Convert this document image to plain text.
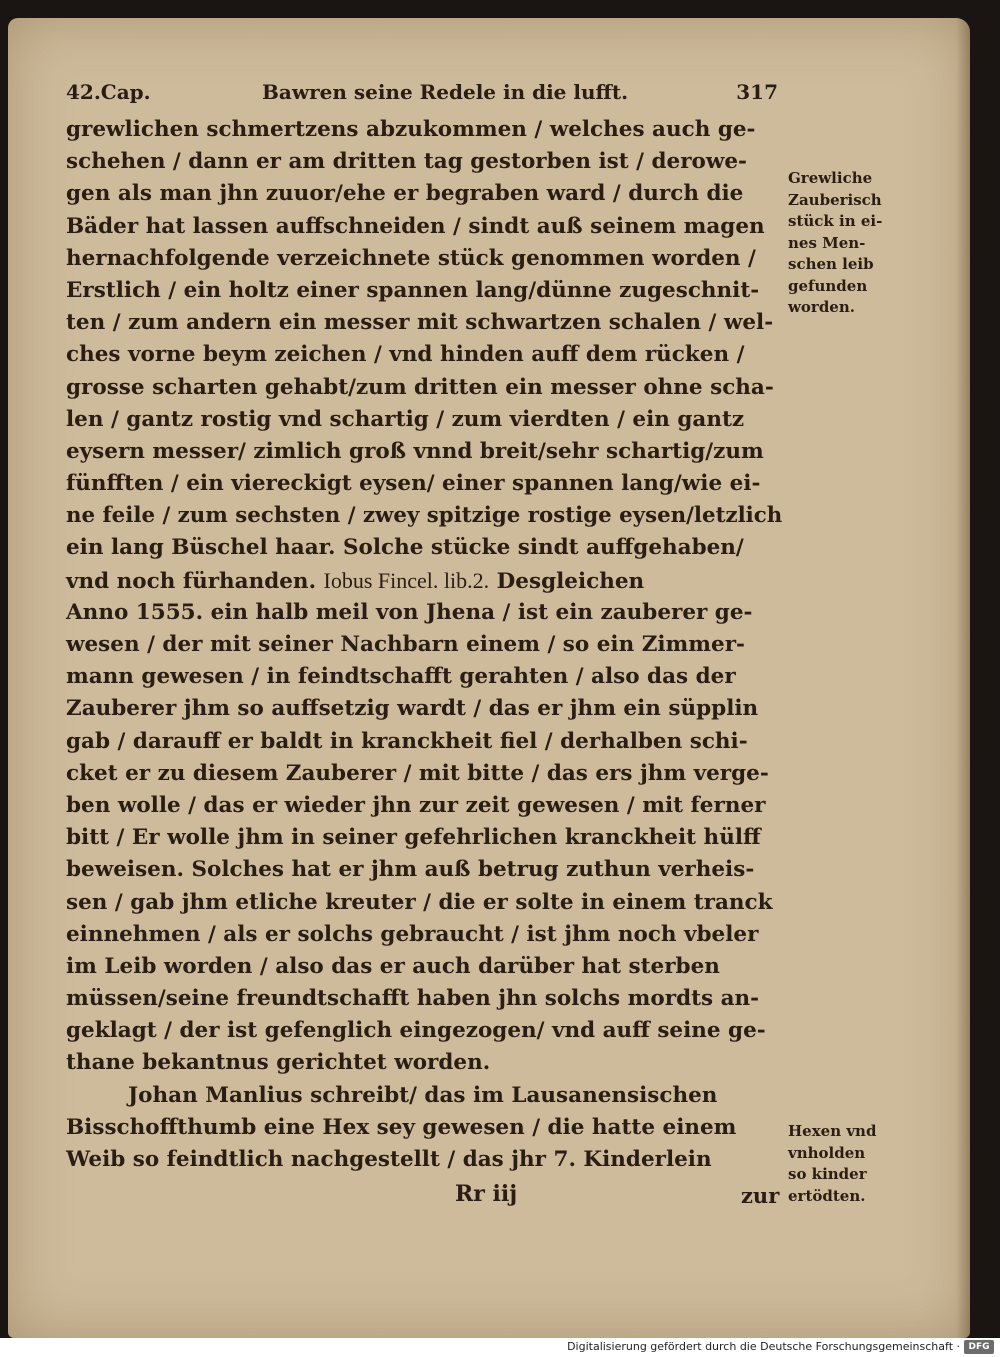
42.Cap.	Bawren seine Redele in die lufft.	317
grewlichen schmertzens abzukommen / welches auch ge-
schehen / dann er am dritten tag gestorben ist / derowe-
gen als man jhn zuuor/ehe er begraben ward / durch die
Bäder hat lassen auffschneiden / sindt auß seinem magen
hernachfolgende verzeichnete stück genommen worden /
Erstlich / ein holtz einer spannen lang/dünne zugeschnit-
ten / zum andern ein messer mit schwartzen schalen / wel-
ches vorne beym zeichen / vnd hinden auff dem rücken /
grosse scharten gehabt/zum dritten ein messer ohne scha-
len / gantz rostig vnd schartig / zum vierdten / ein gantz
eysern messer/ zimlich groß vnnd breit/sehr schartig/zum
fünfften / ein viereckigt eysen/ einer spannen lang/wie ei-
ne feile / zum sechsten / zwey spitzige rostige eysen/letzlich
ein lang Büschel haar. Solche stücke sindt auffgehaben/
vnd noch fürhanden. Iobus Fincel. lib.2. Desgleichen
Anno 1555. ein halb meil von Jhena / ist ein zauberer ge-
wesen / der mit seiner Nachbarn einem / so ein Zimmer-
mann gewesen / in feindtschafft gerahten / also das der
Zauberer jhm so auffsetzig wardt / das er jhm ein süpplin
gab / darauff er baldt in kranckheit fiel / derhalben schi-
cket er zu diesem Zauberer / mit bitte / das ers jhm verge-
ben wolle / das er wieder jhn zur zeit gewesen / mit ferner
bitt / Er wolle jhm in seiner gefehrlichen kranckheit hülff
beweisen. Solches hat er jhm auß betrug zuthun verheis-
sen / gab jhm etliche kreuter / die er solte in einem tranck
einnehmen / als er solchs gebraucht / ist jhm noch vbeler
im Leib worden / also das er auch darüber hat sterben
müssen/seine freundtschafft haben jhn solchs mordts an-
geklagt / der ist gefenglich eingezogen/ vnd auff seine ge-
thane bekantnus gerichtet worden.
Johan Manlius schreibt/ das im Lausanensischen
Bisschoffthumb eine Hex sey gewesen / die hatte einem
Weib so feindtlich nachgestellt / das jhr 7. Kinderlein
Grewliche
Zauberisch
stück in ei-
nes Men-
schen leib
gefunden
worden.
Hexen vnd
vnholden
so kinder
ertödten.
Rr iij	zur
Digitalisierung gefördert durch die Deutsche Forschungsgemeinschaft · DFG
